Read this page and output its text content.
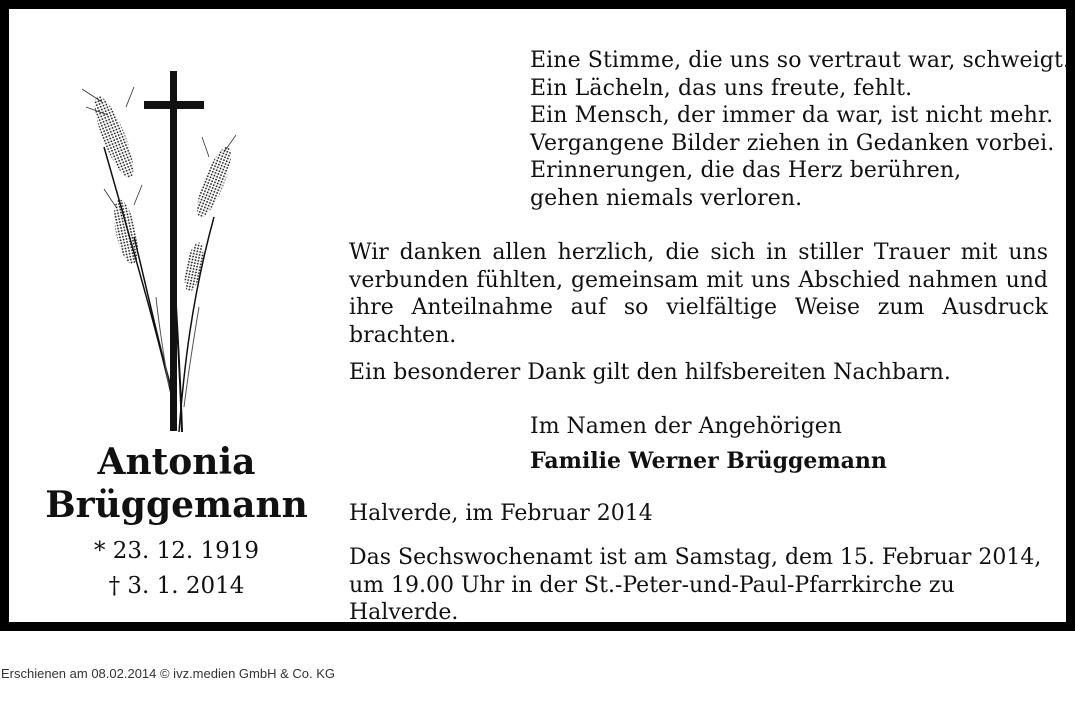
Antonia
Brüggemann
* 23. 12. 1919
† 3. 1. 2014
Eine Stimme, die uns so vertraut war, schweigt.
Ein Lächeln, das uns freute, fehlt.
Ein Mensch, der immer da war, ist nicht mehr.
Vergangene Bilder ziehen in Gedanken vorbei.
Erinnerungen, die das Herz berühren,
gehen niemals verloren.
Wir danken allen herzlich, die sich in stiller Trauer mit uns verbunden fühlten, gemeinsam mit uns Abschied nahmen und ihre Anteilnahme auf so vielfältige Weise zum Ausdruck brachten.
Ein besonderer Dank gilt den hilfsbereiten Nachbarn.
Im Namen der Angehörigen
Familie Werner Brüggemann
Halverde, im Februar 2014
Das Sechswochenamt ist am Samstag, dem 15. Februar 2014, um 19.00 Uhr in der St.-Peter-und-Paul-Pfarrkirche zu Halverde.
Erschienen am 08.02.2014 © ivz.medien GmbH & Co. KG
